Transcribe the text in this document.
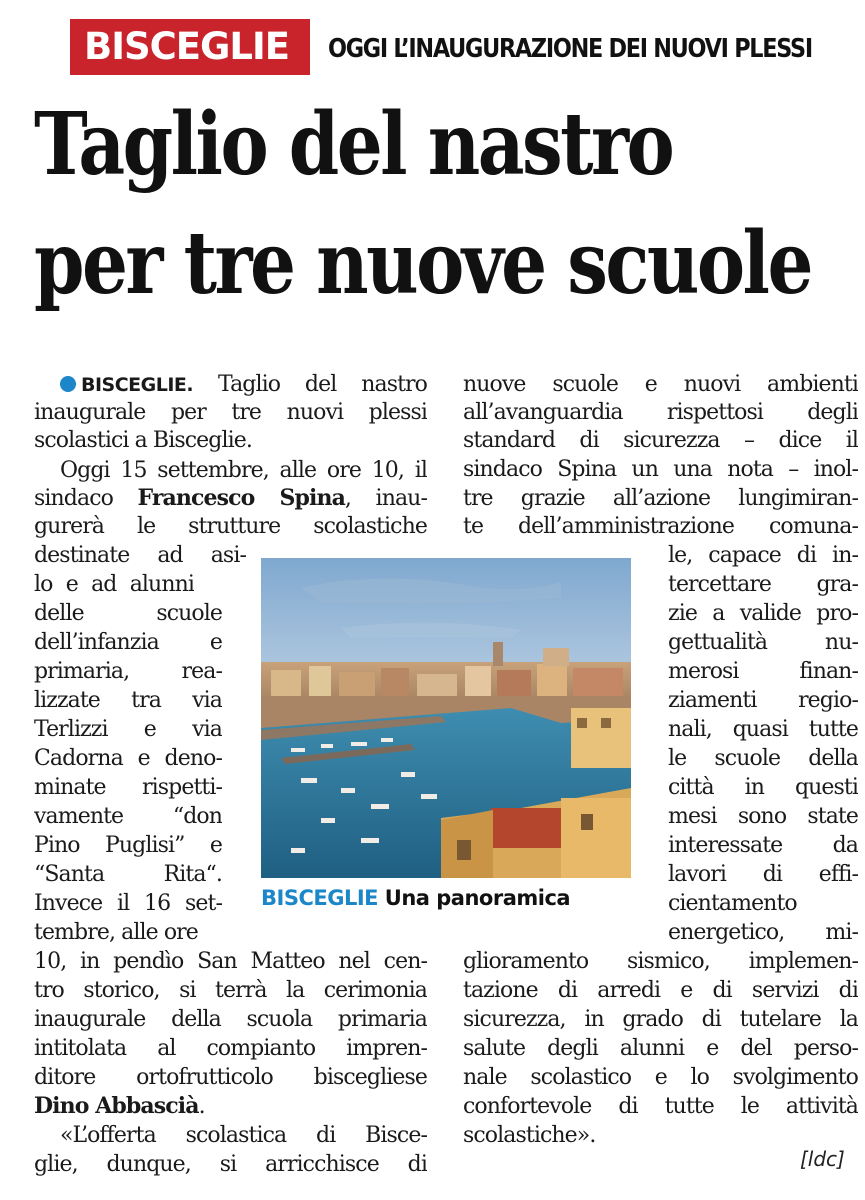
BISCEGLIE OGGI L’INAUGURAZIONE DEI NUOVI PLESSI
Taglio del nastro
per tre nuove scuole
BISCEGLIE. Taglio del nastro
inaugurale per tre nuovi plessi
scolastici a Bisceglie.
Oggi 15 settembre, alle ore 10, il
sindaco Francesco Spina, inau-
gurerà le strutture scolastiche
destinate ad asi-
lo e ad alunni
delle scuole
dell’infanzia e
primaria, rea-
lizzate tra via
Terlizzi e via
Cadorna e deno-
minate rispetti-
vamente “don
Pino Puglisi” e
“Santa Rita“.
Invece il 16 set-
tembre, alle ore
10, in pendìo San Matteo nel cen-
tro storico, si terrà la cerimonia
inaugurale della scuola primaria
intitolata al compianto impren-
ditore ortofrutticolo biscegliese
Dino Abbascià.
«L’offerta scolastica di Bisce-
glie, dunque, si arricchisce di
nuove scuole e nuovi ambienti
all’avanguardia rispettosi degli
standard di sicurezza – dice il
sindaco Spina un una nota – inol-
tre grazie all’azione lungimiran-
te dell’amministrazione comuna-
le, capace di in-
tercettare gra-
zie a valide pro-
gettualità nu-
merosi finan-
ziamenti regio-
nali, quasi tutte
le scuole della
città in questi
mesi sono state
interessate da
lavori di effi-
cientamento
energetico, mi-
glioramento sismico, implemen-
tazione di arredi e di servizi di
sicurezza, in grado di tutelare la
salute degli alunni e del perso-
nale scolastico e lo svolgimento
confortevole di tutte le attività
scolastiche».
BISCEGLIE Una panoramica
[ldc]
